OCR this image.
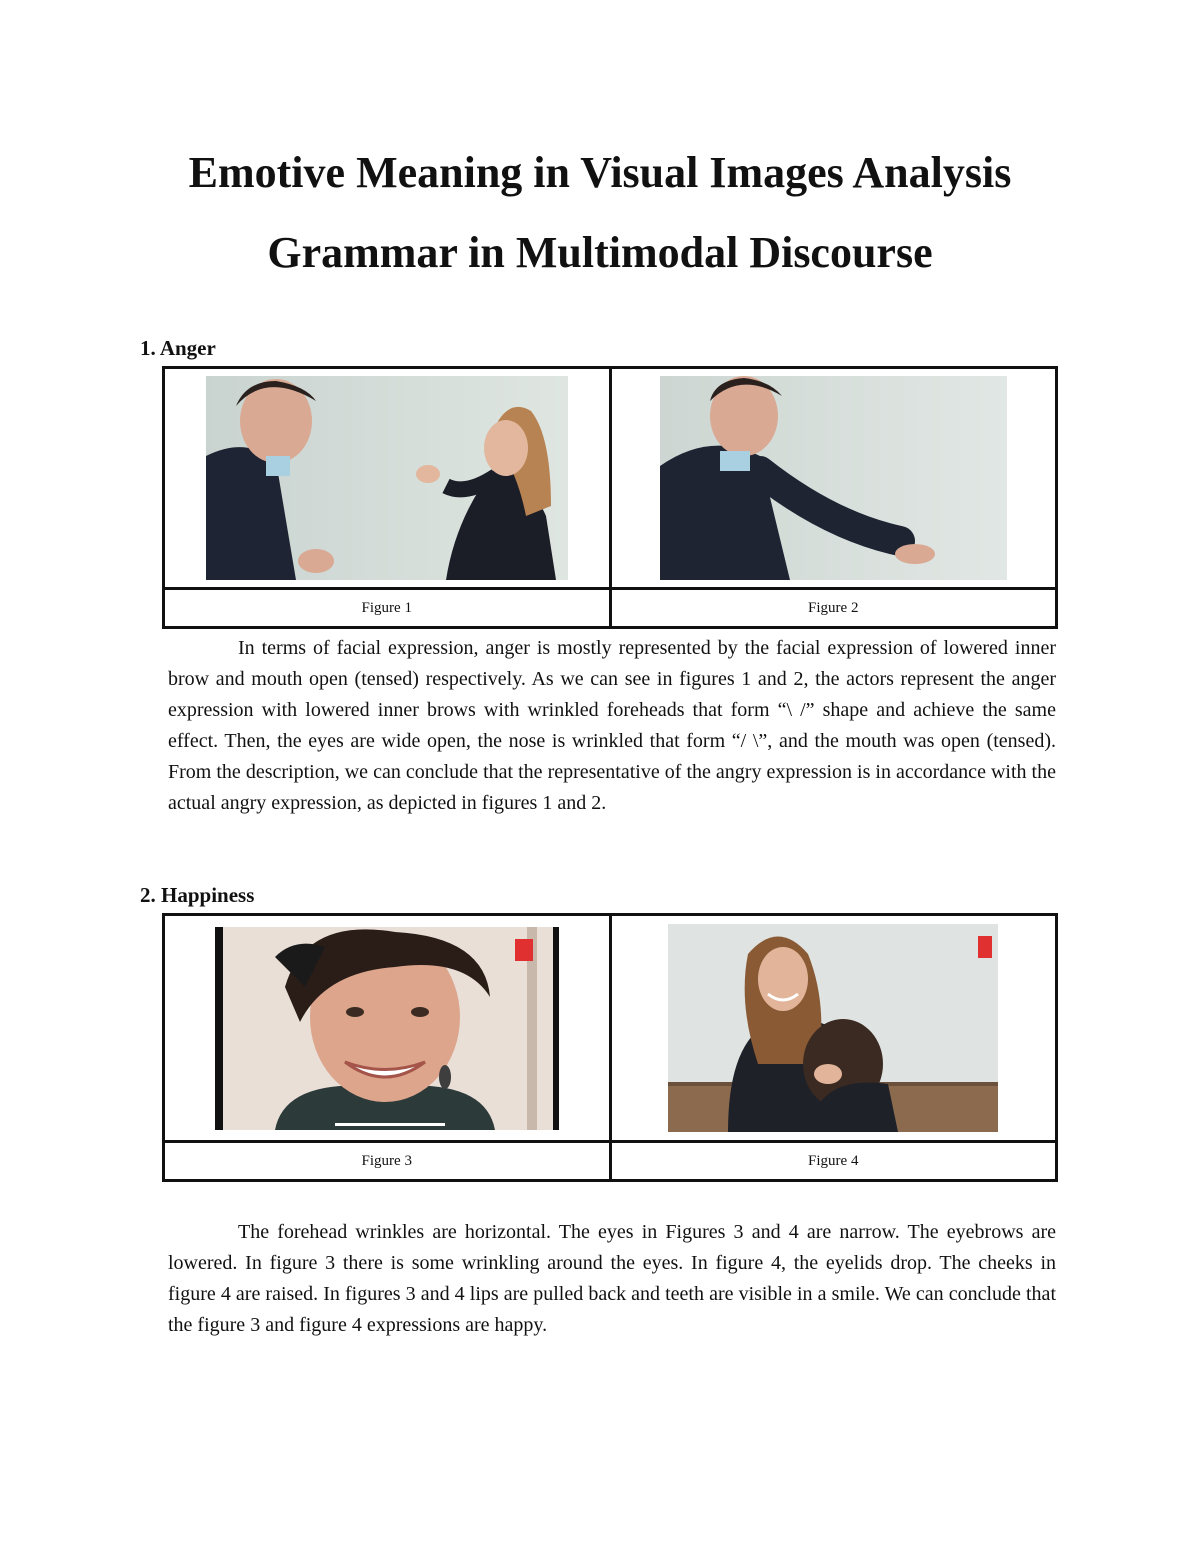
Emotive Meaning in Visual Images Analysis
Grammar in Multimodal Discourse
1. Anger

Figure 1	Figure 2

In terms of facial expression, anger is mostly represented by the facial expression of lowered inner brow and mouth open (tensed) respectively. As we can see in figures 1 and 2, the actors represent the anger expression with lowered inner brows with wrinkled foreheads that form “\ /” shape and achieve the same effect. Then, the eyes are wide open, the nose is wrinkled that form “/ \”, and the mouth was open (tensed). From the description, we can conclude that the representative of the angry expression is in accordance with the actual angry expression, as depicted in figures 1 and 2.

2. Happiness

Figure 3	Figure 4

The forehead wrinkles are horizontal. The eyes in Figures 3 and 4 are narrow. The eyebrows are lowered. In figure 3 there is some wrinkling around the eyes. In figure 4, the eyelids drop. The cheeks in figure 4 are raised. In figures 3 and 4 lips are pulled back and teeth are visible in a smile. We can conclude that the figure 3 and figure 4 expressions are happy.
